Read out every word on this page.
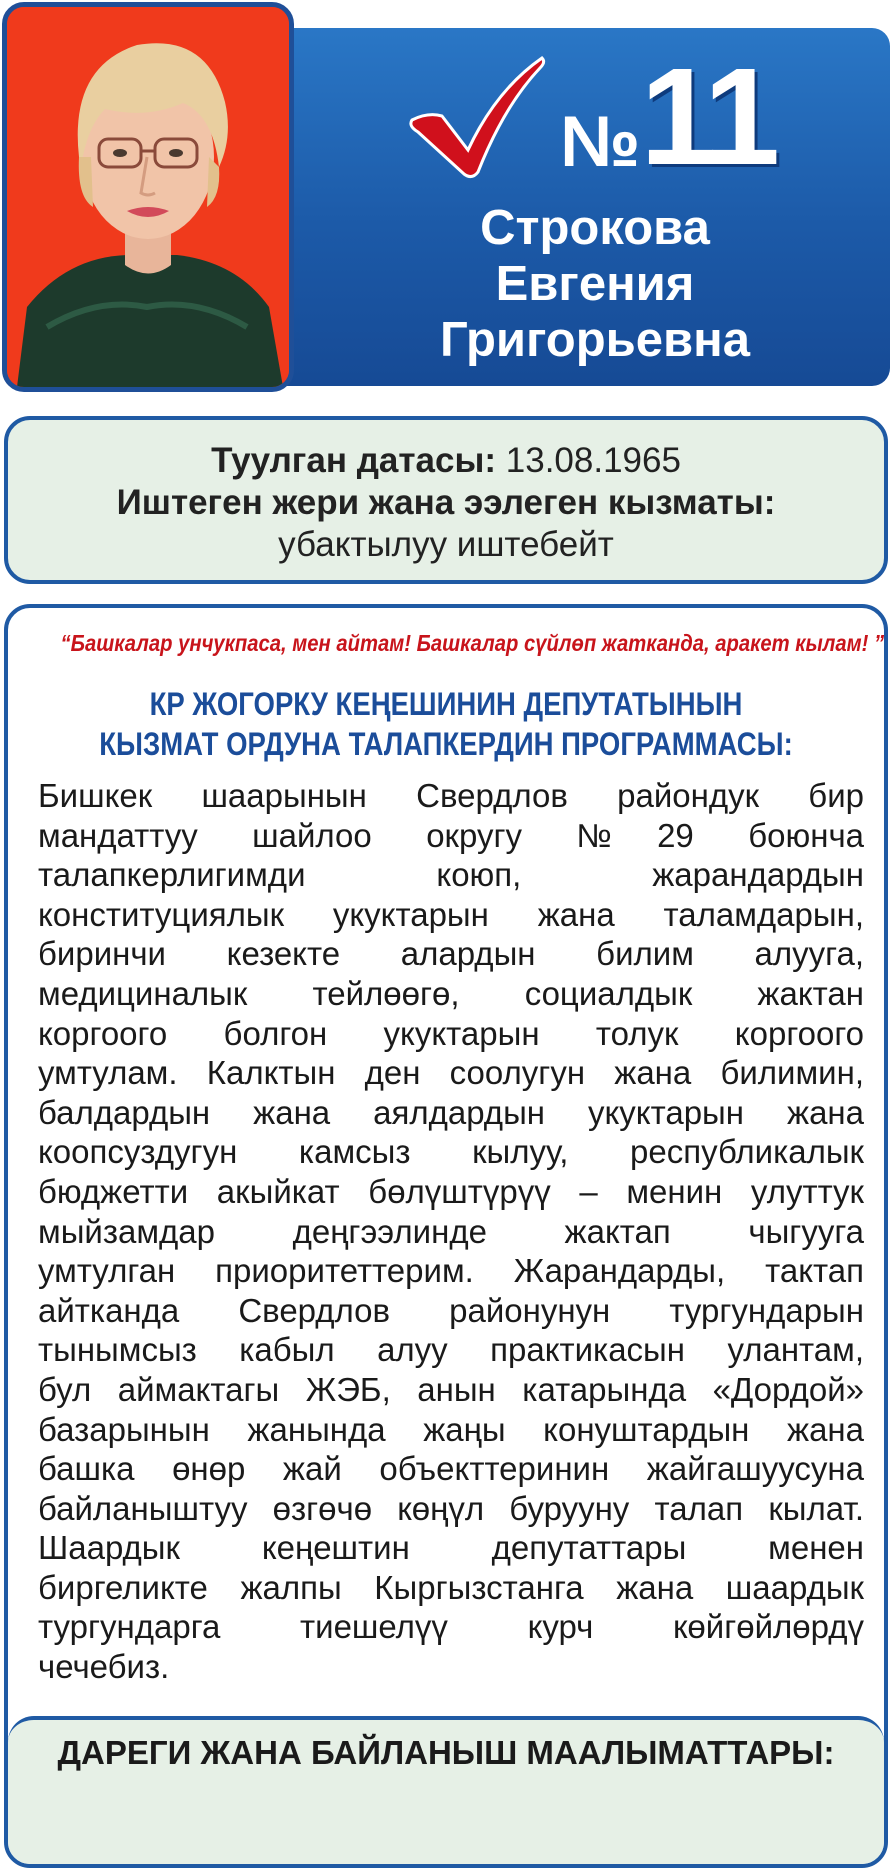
№11
Строкова
Евгения
Григорьевна
Туулган датасы: 13.08.1965
Иштеген жери жана ээлеген кызматы:
убактылуу иштебейт
“Башкалар унчукпаса, мен айтам! Башкалар сүйлөп жатканда, аракет кылам! ”
КР ЖОГОРКУ КЕҢЕШИНИН ДЕПУТАТЫНЫН
КЫЗМАТ ОРДУНА ТАЛАПКЕРДИН ПРОГРАММАСЫ:
Бишкек шаарынын Свердлов райондук бир
мандаттуу шайлоо округу №29 боюнча
талапкерлигимди коюп, жарандардын
конституциялык укуктарын жана таламдарын,
биринчи кезекте алардын билим алууга,
медициналык тейлөөгө, социалдык жактан
коргоого болгон укуктарын толук коргоого
умтулам. Калктын ден соолугун жана билимин,
балдардын жана аялдардын укуктарын жана
коопсуздугун камсыз кылуу, республикалык
бюджетти акыйкат бөлүштүрүү – менин улуттук
мыйзамдар деңгээлинде жактап чыгууга
умтулган приоритеттерим. Жарандарды, тактап
айтканда Свердлов районунун тургундарын
тынымсыз кабыл алуу практикасын улантам,
бул аймактагы ЖЭБ, анын катарында «Дордой»
базарынын жанында жаңы конуштардын жана
башка өнөр жай объекттеринин жайгашуусуна
байланыштуу өзгөчө көңүл бурууну талап кылат.
Шаардык кеңештин депутаттары менен
биргеликте жалпы Кыргызстанга жана шаардык
тургундарга тиешелүү курч көйгөйлөрдү
чечебиз.
ДАРЕГИ ЖАНА БАЙЛАНЫШ МААЛЫМАТТАРЫ:
